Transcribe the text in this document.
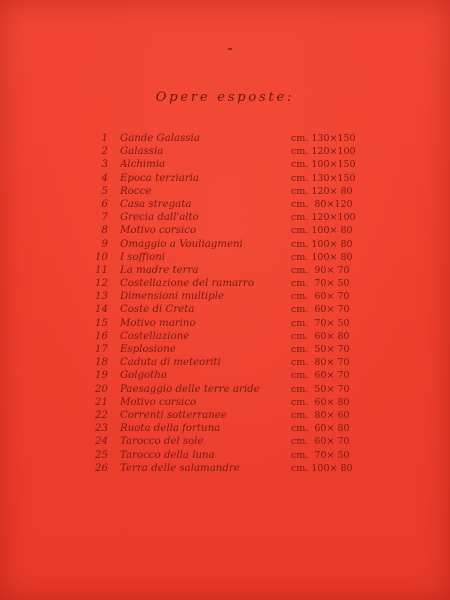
Opere esposte:
1 Gande Galassia	cm. 130×150
2 Galassia	cm. 120×100
3 Alchimia	cm. 100×150
4 Epoca terziaria	cm. 130×150
5 Rocce	cm. 120× 80
6 Casa stregata	cm.  80×120
7 Grecia dall'alto	cm. 120×100
8 Motivo corsico	cm. 100× 80
9 Omaggio a Vouliagmeni	cm. 100× 80
10 I soffioni	cm. 100× 80
11 La madre terra	cm.  90× 70
12 Costellazione del ramarro	cm.  70× 50
13 Dimensioni multiple	cm.  60× 70
14 Coste di Creta	cm.  60× 70
15 Motivo marino	cm.  70× 50
16 Costellazione	cm.  60× 80
17 Esplosione	cm.  50× 70
18 Caduta di meteoriti	cm.  80× 70
19 Golgotha	cm.  60× 70
20 Paesaggio delle terre aride	cm.  50× 70
21 Motivo corsico	cm.  60× 80
22 Correnti sotterranee	cm.  80× 60
23 Ruota della fortuna	cm.  60× 80
24 Tarocco del sole	cm.  60× 70
25 Tarocco della luna	cm.  70× 50
26 Terra delle salamandre	cm. 100× 80
